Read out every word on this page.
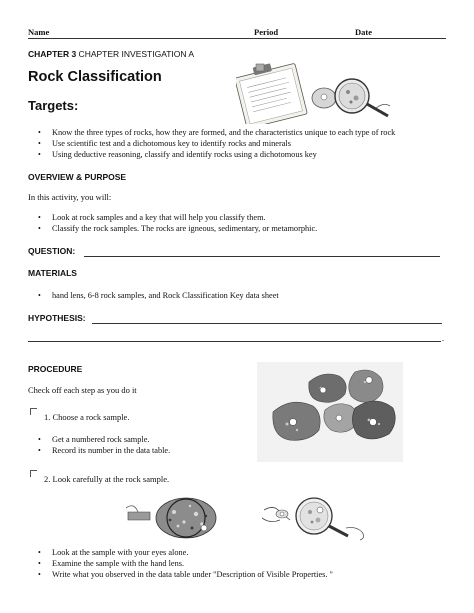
Name	Period	Date
CHAPTER 3 CHAPTER INVESTIGATION A
Rock Classification
Targets:
• Know the three types of rocks, how they are formed, and the characteristics unique to each type of rock
• Use scientific test and a dichotomous key to identify rocks and minerals
• Using deductive reasoning, classify and identify rocks using a dichotomous key
OVERVIEW & PURPOSE
In this activity, you will:
• Look at rock samples and a key that will help you classify them.
• Classify the rock samples. The rocks are igneous, sedimentary, or metamorphic.
QUESTION:
MATERIALS
• hand lens, 6-8 rock samples, and Rock Classification Key data sheet
HYPOTHESIS:
.
PROCEDURE
Check off each step as you do it
1. Choose a rock sample.
• Get a numbered rock sample.
• Record its number in the data table.
2. Look carefully at the rock sample.
• Look at the sample with your eyes alone.
• Examine the sample with the hand lens.
• Write what you observed in the data table under "Description of Visible Properties. "
